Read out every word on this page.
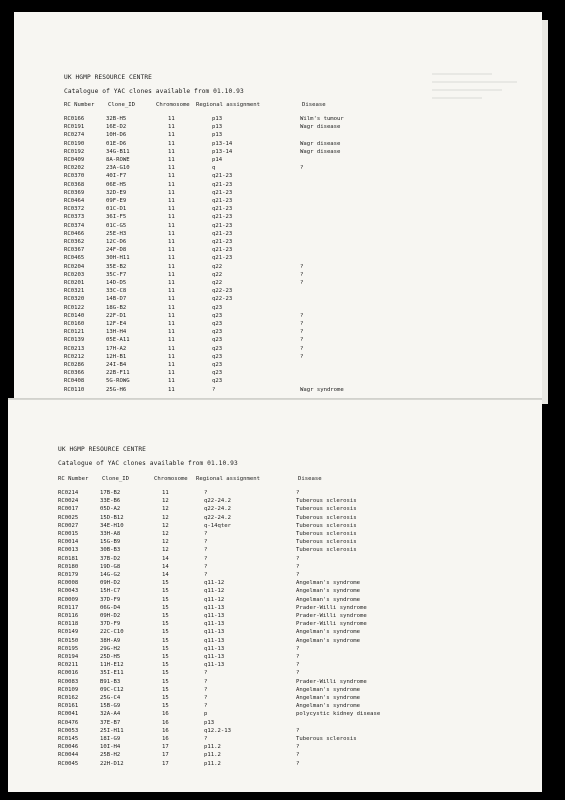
UK HGMP RESOURCE CENTRE
Catalogue of YAC clones available from 01.10.93
RC Number Clone_ID	Chromosome Regional assignment	Disease
RC0166	32B-H5	11	p13	Wilm's tumour
RC0191	16E-D2	11	p13	Wagr disease
RC0274	10H-D6	11	p13
RC0190	01E-D6	11	p13-14	Wagr disease
RC0192	34G-B11	11	p13-14	Wagr disease
RC0409	8A-ROWE	11	p14
RC0202	23A-G10	11	q	?
RC0370	40I-F7	11	q21-23
RC0368	06E-H5	11	q21-23
RC0369	32D-E9	11	q21-23
RC0464	09F-E9	11	q21-23
RC0372	01C-D1	11	q21-23
RC0373	36I-F5	11	q21-23
RC0374	01C-G5	11	q21-23
RC0466	25E-H3	11	q21-23
RC0362	12C-D6	11	q21-23
RC0367	24F-D8	11	q21-23
RC0465	30H-H11	11	q21-23
RC0204	35E-B2	11	q22	?
RC0203	35C-F7	11	q22	?
RC0201	14D-D5	11	q22	?
RC0321	33C-C8	11	q22-23
RC0320	14B-D7	11	q22-23
RC0122	18G-B2	11	q23
RC0140	22F-D1	11	q23	?
RC0160	12F-E4	11	q23	?
RC0121	13H-H4	11	q23	?
RC0139	05E-A11	11	q23	?
RC0213	17H-A2	11	q23	?
RC0212	12H-B1	11	q23	?
RC0286	24I-B4	11	q23
RC0366	22B-F11	11	q23
RC0408	5G-ROWG	11	q23
RC0110	25G-H6	11	?	Wagr syndrome
UK HGMP RESOURCE CENTRE
Catalogue of YAC clones available from 01.10.93
RC Number Clone_ID	Chromosome Regional assignment	Disease
RC0214	17B-B2	11	?	?
RC0024	33E-B6	12	q22-24.2	Tuberous sclerosis
RC0017	05D-A2	12	q22-24.2	Tuberous sclerosis
RC0025	15D-B12	12	q22-24.2	Tuberous sclerosis
RC0027	34E-H10	12	q-14qter	Tuberous sclerosis
RC0015	33H-A8	12	?	Tuberous sclerosis
RC0014	15G-B9	12	?	Tuberous sclerosis
RC0013	30B-B3	12	?	Tuberous sclerosis
RC0181	37B-D2	14	?	?
RC0180	19D-G8	14	?	?
RC0179	14G-G2	14	?	?
RC0008	09H-D2	15	q11-12	Angelman's syndrome
RC0043	15H-C7	15	q11-12	Angelman's syndrome
RC0009	37D-F9	15	q11-12	Angelman's syndrome
RC0117	06G-D4	15	q11-13	Prader-Willi syndrome
RC0116	09H-D2	15	q11-13	Prader-Willi syndrome
RC0118	37D-F9	15	q11-13	Prader-Willi syndrome
RC0149	22C-C10	15	q11-13	Angelman's syndrome
RC0150	38H-A9	15	q11-13	Angelman's syndrome
RC0195	29G-H2	15	q11-13	?
RC0194	25D-H5	15	q11-13	?
RC0211	11H-E12	15	q11-13	?
RC0016	35I-E11	15	?	?
RC0083	B91-B3	15	?	Prader-Willi syndrome
RC0109	09C-C12	15	?	Angelman's syndrome
RC0162	25G-C4	15	?	Angelman's syndrome
RC0161	15B-G9	15	?	Angelman's syndrome
RC0041	32A-A4	16	p	polycystic kidney disease
RC0476	37E-B7	16	p13
RC0053	25I-H11	16	q12.2-13	?
RC0145	18I-G9	16	?	Tuberous sclerosis
RC0046	10I-H4	17	p11.2	?
RC0044	25B-H2	17	p11.2	?
RC0045	22H-D12	17	p11.2	?
